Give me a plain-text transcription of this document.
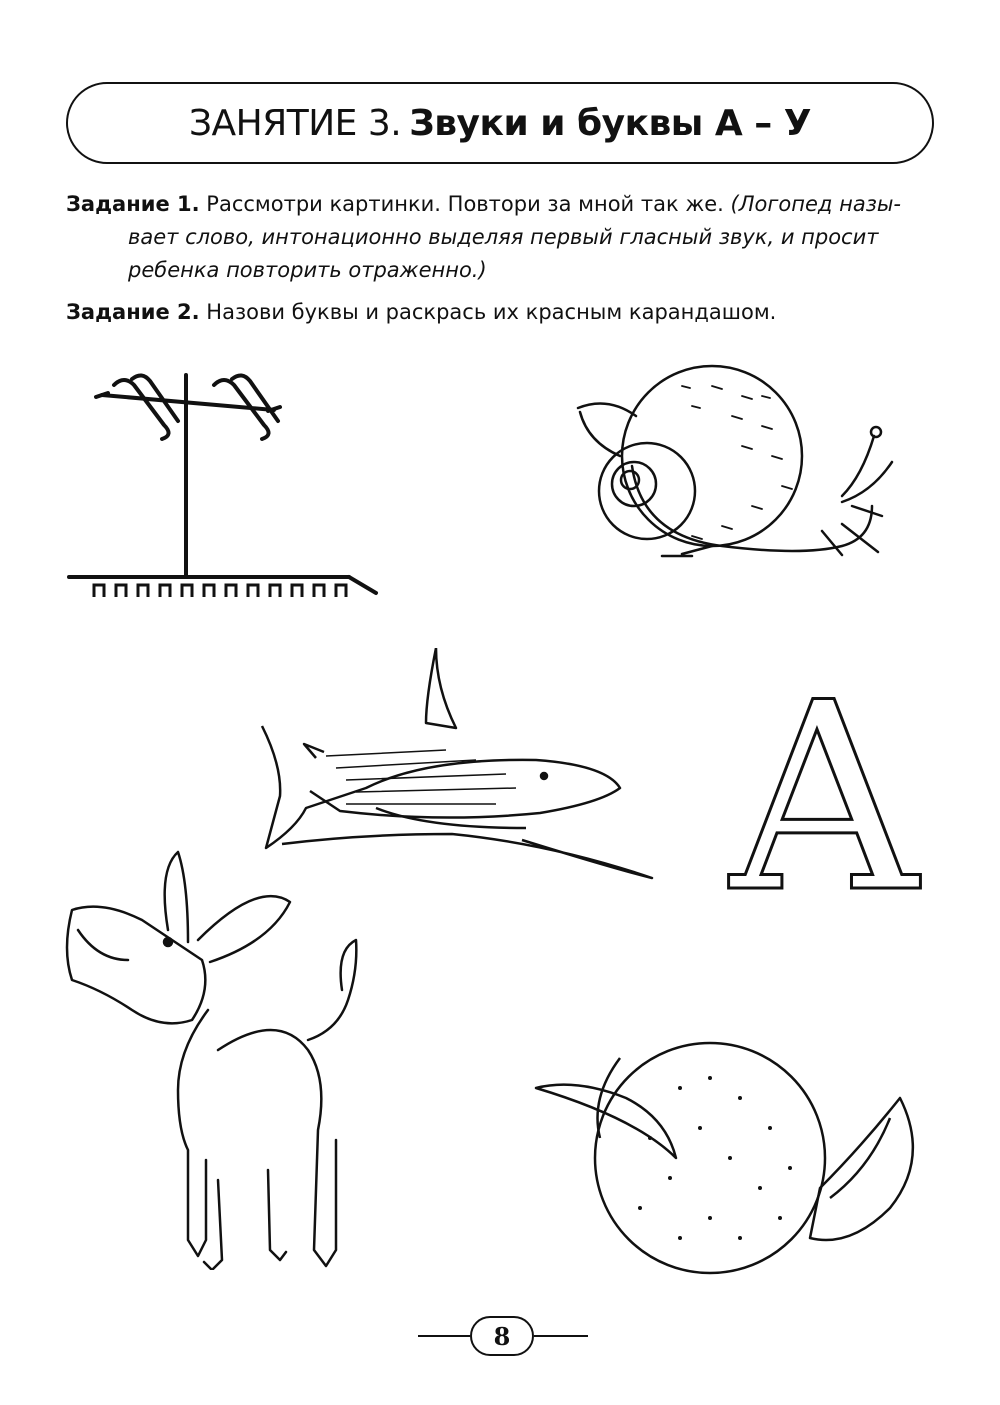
ЗАНЯТИЕ 3. Звуки и буквы А – У
Задание 1. Рассмотри картинки. Повтори за мной так же. (Логопед назы-
вает слово, интонационно выделяя первый гласный звук, и просит
ребенка повторить отраженно.)
Задание 2. Назови буквы и раскрась их красным карандашом.
А
8
